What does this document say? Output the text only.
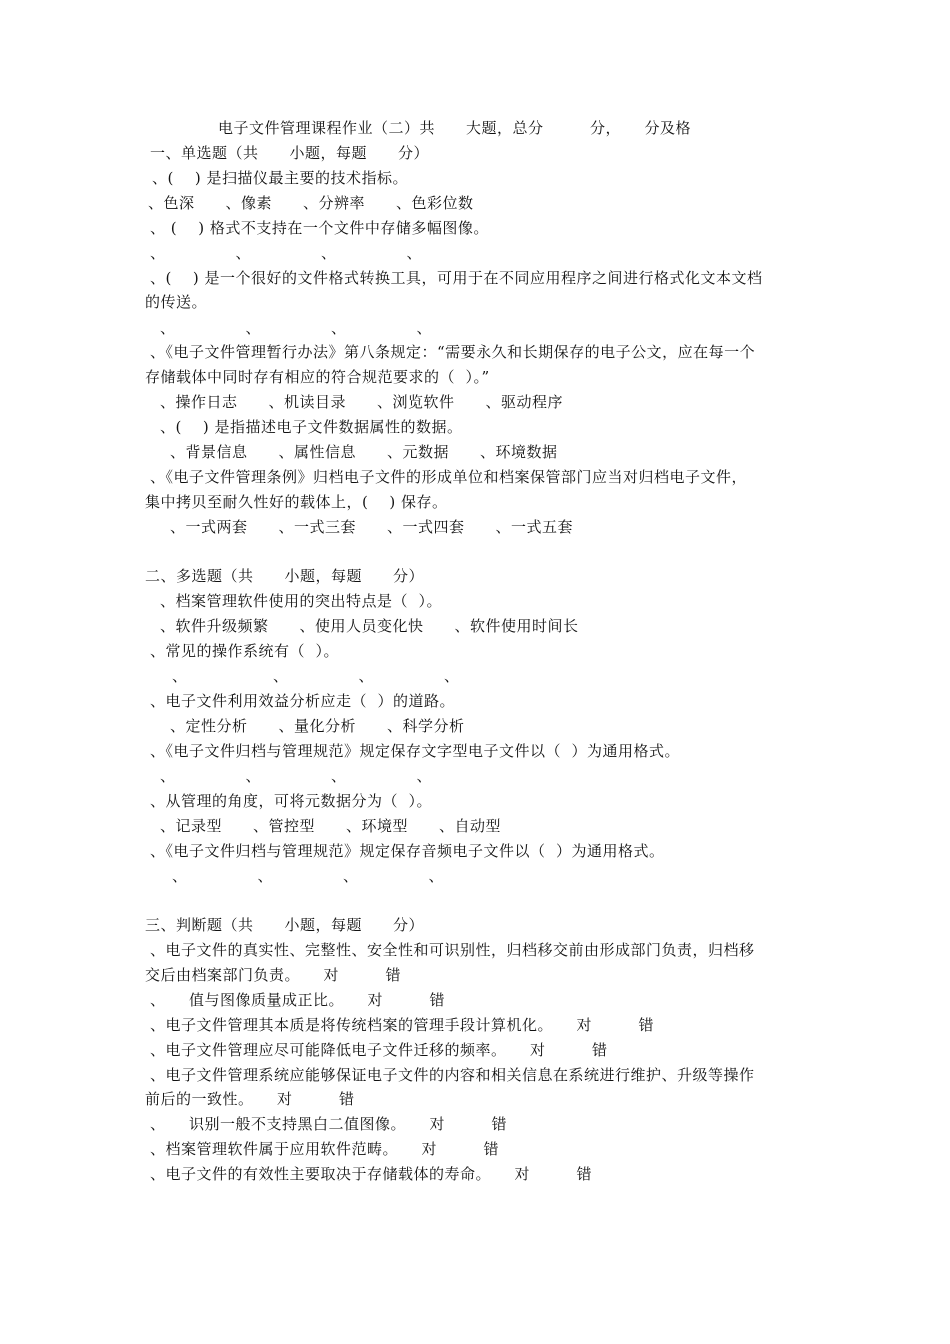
电子文件管理课程作业（二）共　　大题，总分　　　分，　　分及格
一、单选题（共　　小题，每题　　分）
、(    ) 是扫描仪最主要的技术指标。
、色深　　、像素　　、分辨率　　、色彩位数
、 (    ) 格式不支持在一个文件中存储多幅图像。
、　　　　　、　　　　　、　　　　　、
、(    ) 是一个很好的文件格式转换工具，可用于在不同应用程序之间进行格式化文本文档
的传送。
、　　　　　、　　　　　、　　　　　、
、《电子文件管理暂行办法》第八条规定：“需要永久和长期保存的电子公文，应在每一个
存储载体中同时存有相应的符合规范要求的（  ）。”
、操作日志　　、机读目录　　、浏览软件　　、驱动程序
、(    ) 是指描述电子文件数据属性的数据。
、背景信息　　、属性信息　　、元数据　　、环境数据
、《电子文件管理条例》归档电子文件的形成单位和档案保管部门应当对归档电子文件，
集中拷贝至耐久性好的载体上，(    ) 保存。
、一式两套　　、一式三套　　、一式四套　　、一式五套
二、多选题（共　　小题，每题　　分）
、档案管理软件使用的突出特点是（  ）。
、软件升级频繁　　、使用人员变化快　　、软件使用时间长
、常见的操作系统有（  ）。
、　　　　　　、　　　　　、　　　　　、
、电子文件利用效益分析应走（  ）的道路。
、定性分析　　、量化分析　　、科学分析
、《电子文件归档与管理规范》规定保存文字型电子文件以（  ）为通用格式。
、　　　　　、　　　　　、　　　　　、
、从管理的角度，可将元数据分为（  ）。
、记录型　　、管控型　　、环境型　　、自动型
、《电子文件归档与管理规范》规定保存音频电子文件以（  ）为通用格式。
、　　　　　、　　　　　、　　　　　、
三、判断题（共　　小题，每题　　分）
、电子文件的真实性、完整性、安全性和可识别性，归档移交前由形成部门负责，归档移
交后由档案部门负责。　　对　　　错
、　　值与图像质量成正比。　　对　　　错
、电子文件管理其本质是将传统档案的管理手段计算机化。　　对　　　错
、电子文件管理应尽可能降低电子文件迁移的频率。　　对　　　错
、电子文件管理系统应能够保证电子文件的内容和相关信息在系统进行维护、升级等操作
前后的一致性。　　对　　　错
、　　识别一般不支持黑白二值图像。　　对　　　错
、档案管理软件属于应用软件范畴。　　对　　　错
、电子文件的有效性主要取决于存储载体的寿命。　　对　　　错
